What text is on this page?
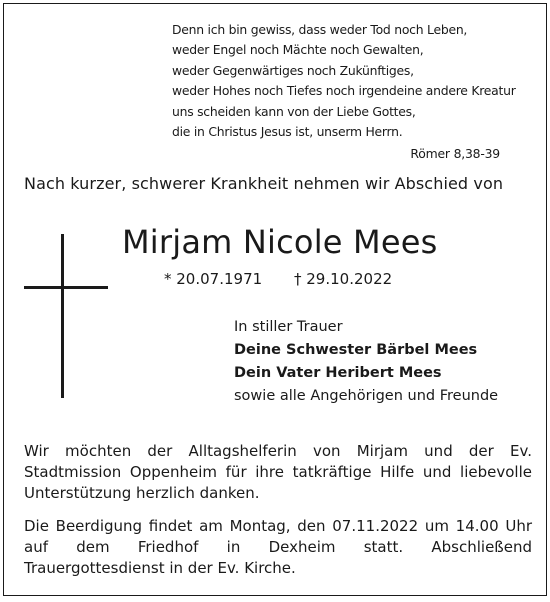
Denn ich bin gewiss, dass weder Tod noch Leben,
weder Engel noch Mächte noch Gewalten,
weder Gegenwärtiges noch Zukünftiges,
weder Hohes noch Tiefes noch irgendeine andere Kreatur
uns scheiden kann von der Liebe Gottes,
die in Christus Jesus ist, unserm Herrn.
Römer 8,38-39
Nach kurzer, schwerer Krankheit nehmen wir Abschied von
Mirjam Nicole Mees
* 20.07.1971 † 29.10.2022
In stiller Trauer
Deine Schwester Bärbel Mees
Dein Vater Heribert Mees
sowie alle Angehörigen und Freunde
Wir möchten der Alltagshelferin von Mirjam und der Ev. Stadtmission Oppenheim für ihre tatkräftige Hilfe und liebevolle Unterstützung herzlich danken.
Die Beerdigung findet am Montag, den 07.11.2022 um 14.00 Uhr auf dem Friedhof in Dexheim statt. Abschließend Trauergottesdienst in der Ev. Kirche.
